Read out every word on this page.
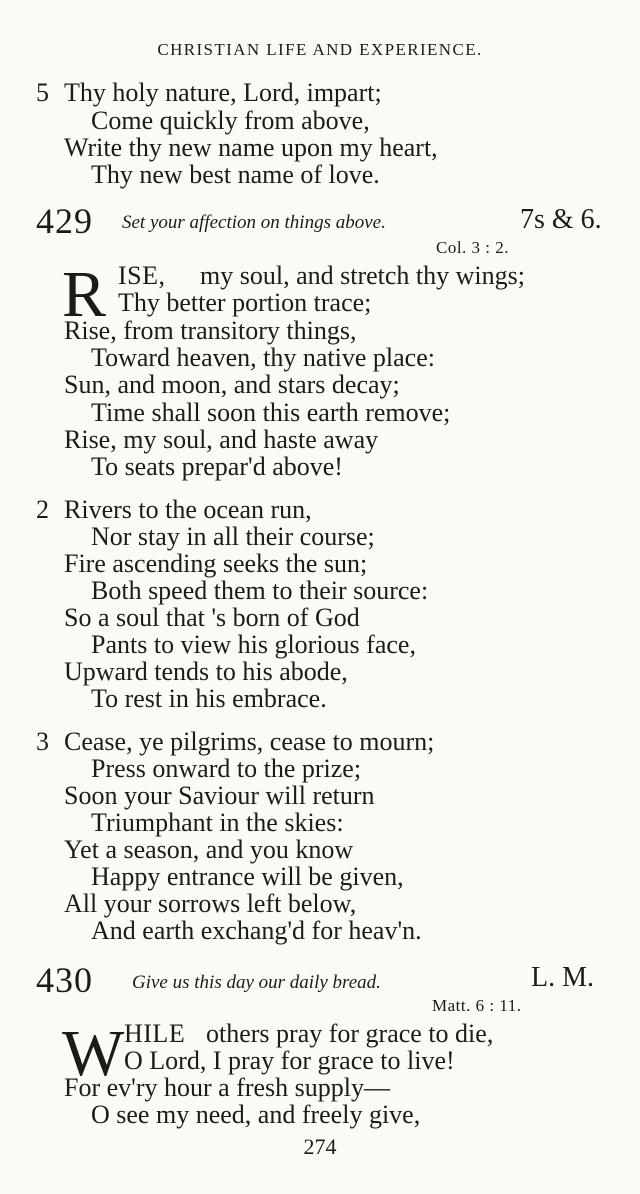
CHRISTIAN LIFE AND EXPERIENCE.
5 Thy holy nature, Lord, impart;
Come quickly from above,
Write thy new name upon my heart,
Thy new best name of love.
429 Set your affection on things above.	7s & 6.
Col. 3 : 2.
R ISE, my soul, and stretch thy wings;
Thy better portion trace;
Rise, from transitory things,
Toward heaven, thy native place:
Sun, and moon, and stars decay;
Time shall soon this earth remove;
Rise, my soul, and haste away
To seats prepar'd above!
2 Rivers to the ocean run,
Nor stay in all their course;
Fire ascending seeks the sun;
Both speed them to their source:
So a soul that 's born of God
Pants to view his glorious face,
Upward tends to his abode,
To rest in his embrace.
3 Cease, ye pilgrims, cease to mourn;
Press onward to the prize;
Soon your Saviour will return
Triumphant in the skies:
Yet a season, and you know
Happy entrance will be given,
All your sorrows left below,
And earth exchang'd for heav'n.
430 Give us this day our daily bread.	L. M.
Matt. 6 : 11.
W HILE others pray for grace to die,
O Lord, I pray for grace to live!
For ev'ry hour a fresh supply—
O see my need, and freely give,
274
